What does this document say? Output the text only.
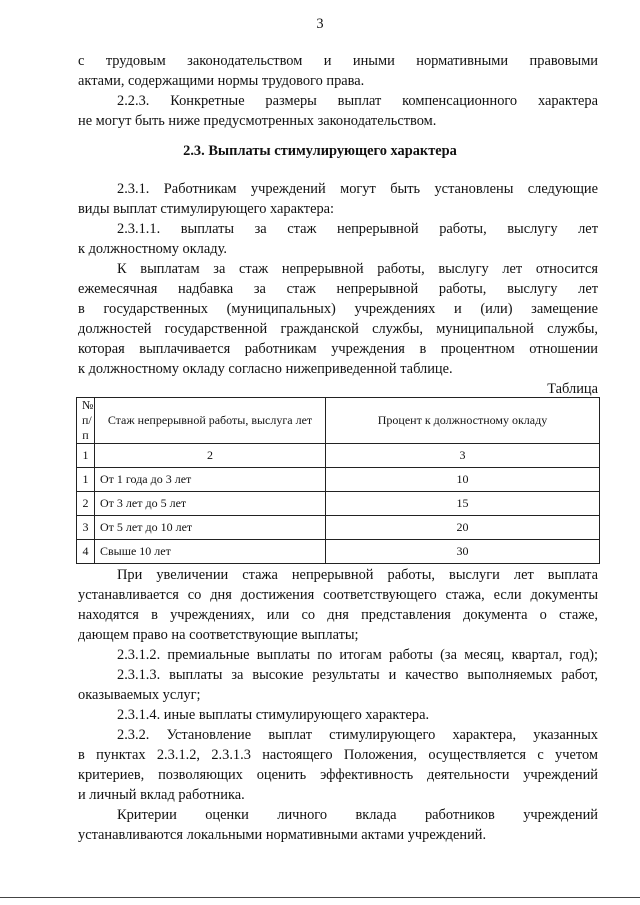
3
с трудовым законодательством и иными нормативными правовыми
актами, содержащими нормы трудового права.
2.2.3. Конкретные размеры выплат компенсационного характера
не могут быть ниже предусмотренных законодательством.
2.3. Выплаты стимулирующего характера
2.3.1. Работникам учреждений могут быть установлены следующие
виды выплат стимулирующего характера:
2.3.1.1. выплаты за стаж непрерывной работы, выслугу лет
к должностному окладу.
К выплатам за стаж непрерывной работы, выслугу лет относится
ежемесячная надбавка за стаж непрерывной работы, выслугу лет
в государственных (муниципальных) учреждениях и (или) замещение
должностей государственной гражданской службы, муниципальной службы,
которая выплачивается работникам учреждения в процентном отношении
к должностному окладу согласно нижеприведенной таблице.
Таблица
№ п/п	Стаж непрерывной работы, выслуга лет	Процент к должностному окладу
1	2	3
1	От 1 года до 3 лет	10
2	От 3 лет до 5 лет	15
3	От 5 лет до 10 лет	20
4	Свыше 10 лет	30
При увеличении стажа непрерывной работы, выслуги лет выплата
устанавливается со дня достижения соответствующего стажа, если документы
находятся в учреждениях, или со дня представления документа о стаже,
дающем право на соответствующие выплаты;
2.3.1.2. премиальные выплаты по итогам работы (за месяц, квартал, год);
2.3.1.3. выплаты за высокие результаты и качество выполняемых работ,
оказываемых услуг;
2.3.1.4. иные выплаты стимулирующего характера.
2.3.2. Установление выплат стимулирующего характера, указанных
в пунктах 2.3.1.2, 2.3.1.3 настоящего Положения, осуществляется с учетом
критериев, позволяющих оценить эффективность деятельности учреждений
и личный вклад работника.
Критерии оценки личного вклада работников учреждений
устанавливаются локальными нормативными актами учреждений.
